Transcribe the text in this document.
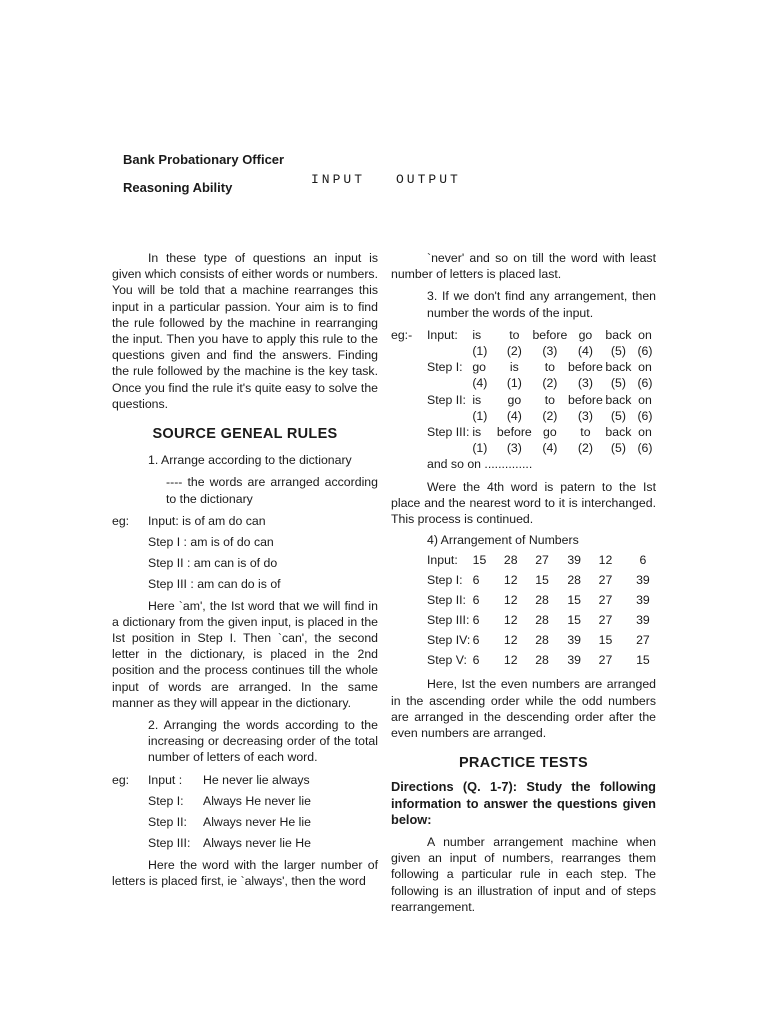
Bank Probationary Officer
Reasoning Ability
INPUT OUTPUT

In these type of questions an input is given which consists of either words or numbers. You will be told that a machine rearranges this input in a particular passion. Your aim is to find the rule followed by the machine in rearranging the input. Then you have to apply this rule to the questions given and find the answers. Finding the rule followed by the machine is the key task. Once you find the rule it's quite easy to solve the questions.

SOURCE GENEAL RULES

1. Arrange according to the dictionary

---- the words are arranged according to the dictionary

eg:	Input: is of am do can

Step I : am is of do can

Step II : am can is of do

Step III : am can do is of

Here `am', the Ist word that we will find in a dictionary from the given input, is placed in the Ist position in Step I. Then `can', the second letter in the dictionary, is placed in the 2nd position and the process continues till the whole input of words are arranged. In the same manner as they will appear in the dictionary.

2. Arranging the words according to the increasing or decreasing order of the total number of letters of each word.

eg:	Input :	He never lie always
Step I:	Always He never lie
Step II:	Always never He lie
Step III:	Always never lie He

Here the word with the larger number of letters is placed first, ie `always', then the word

`never' and so on till the word with least number of letters is placed last.

3. If we don't find any arrangement, then number the words of the input.

eg:-	Input:	is	to	before	go	back	on
	(1)	(2)	(3)	(4)	(5)	(6)
Step I:	go	is	to	before	back	on
	(4)	(1)	(2)	(3)	(5)	(6)
Step II:	is	go	to	before	back	on
	(1)	(4)	(2)	(3)	(5)	(6)
Step III:	is	before	go	to	back	on
	(1)	(3)	(4)	(2)	(5)	(6)

and so on ..............

Were the 4th word is patern to the Ist place and the nearest word to it is interchanged. This process is continued.

4) Arrangement of Numbers

Input:	15	28	27	39	12	6
Step I:	6	12	15	28	27	39
Step II:	6	12	28	15	27	39
Step III:	6	12	28	15	27	39
Step IV:	6	12	28	39	15	27
Step V:	6	12	28	39	27	15

Here, Ist the even numbers are arranged in the ascending order while the odd numbers are arranged in the descending order after the even numbers are arranged.

PRACTICE TESTS

Directions (Q. 1-7): Study the following information to answer the questions given below:

A number arrangement machine when given an input of numbers, rearranges them following a particular rule in each step. The following is an illustration of input and of steps rearrangement.
